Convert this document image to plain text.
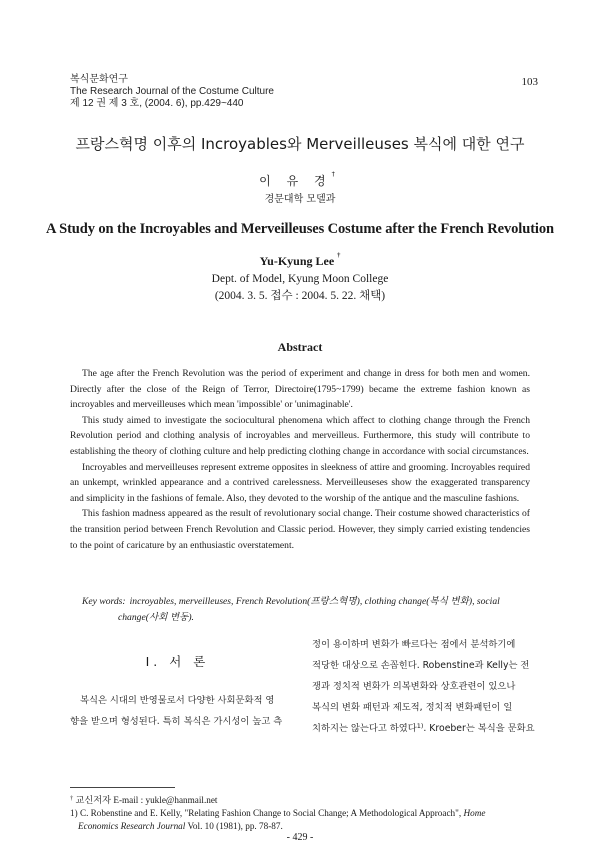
복식문화연구
The Research Journal of the Costume Culture
제 12 권 제 3 호, (2004. 6), pp.429~440
103
프랑스혁명 이후의 Incroyables와 Merveilleuses 복식에 대한 연구
이 유 경†
경문대학 모델과
A Study on the Incroyables and Merveilleuses Costume after the French Revolution
Yu-Kyung Lee †
Dept. of Model, Kyung Moon College
(2004. 3. 5. 접수 : 2004. 5. 22. 채택)
Abstract

The age after the French Revolution was the period of experiment and change in dress for both men and women. Directly after the close of the Reign of Terror, Directoire(1795~1799) became the extreme fashion known as incroyables and merveilleuses which mean 'impossible' or 'unimaginable'.

This study aimed to investigate the sociocultural phenomena which affect to clothing change through the French Revolution period and clothing analysis of incroyables and merveilleus. Furthermore, this study will contribute to establishing the theory of clothing culture and help predicting clothing change in accordance with social circumstances.

Incroyables and merveilleuses represent extreme opposites in sleekness of attire and grooming. Incroyables required an unkempt, wrinkled appearance and a contrived carelessness. Merveilleuseses show the exaggerated transparency and simplicity in the fashions of female. Also, they devoted to the worship of the antique and the masculine fashions.

This fashion madness appeared as the result of revolutionary social change. Their costume showed characteristics of the transition period between French Revolution and Classic period. However, they simply carried existing tendencies to the point of caricature by an enthusiastic overstatement.

Key words: incroyables, merveilleuses, French Revolution(프랑스혁명), clothing change(복식 변화), social
change(사회 변동).
Ⅰ. 서 론
복식은 시대의 반영물로서 다양한 사회문화적 영
향을 받으며 형성된다. 특히 복식은 가시성이 높고 측
정이 용이하며 변화가 빠르다는 점에서 분석하기에
적당한 대상으로 손꼽힌다. Robenstine과 Kelly는 전
쟁과 정치적 변화가 의복변화와 상호관련이 있으나
복식의 변화 패턴과 제도적, 정치적 변화패턴이 일
치하지는 않는다고 하였다$^{1)}$. Kroeber는 복식을 문화요
† 교신저자 E-mail : yukle@hanmail.net
1) C. Robenstine and E. Kelly, "Relating Fashion Change to Social Change; A Methodological Approach", Home
Economics Research Journal Vol. 10 (1981), pp. 78-87.
- 429 -
